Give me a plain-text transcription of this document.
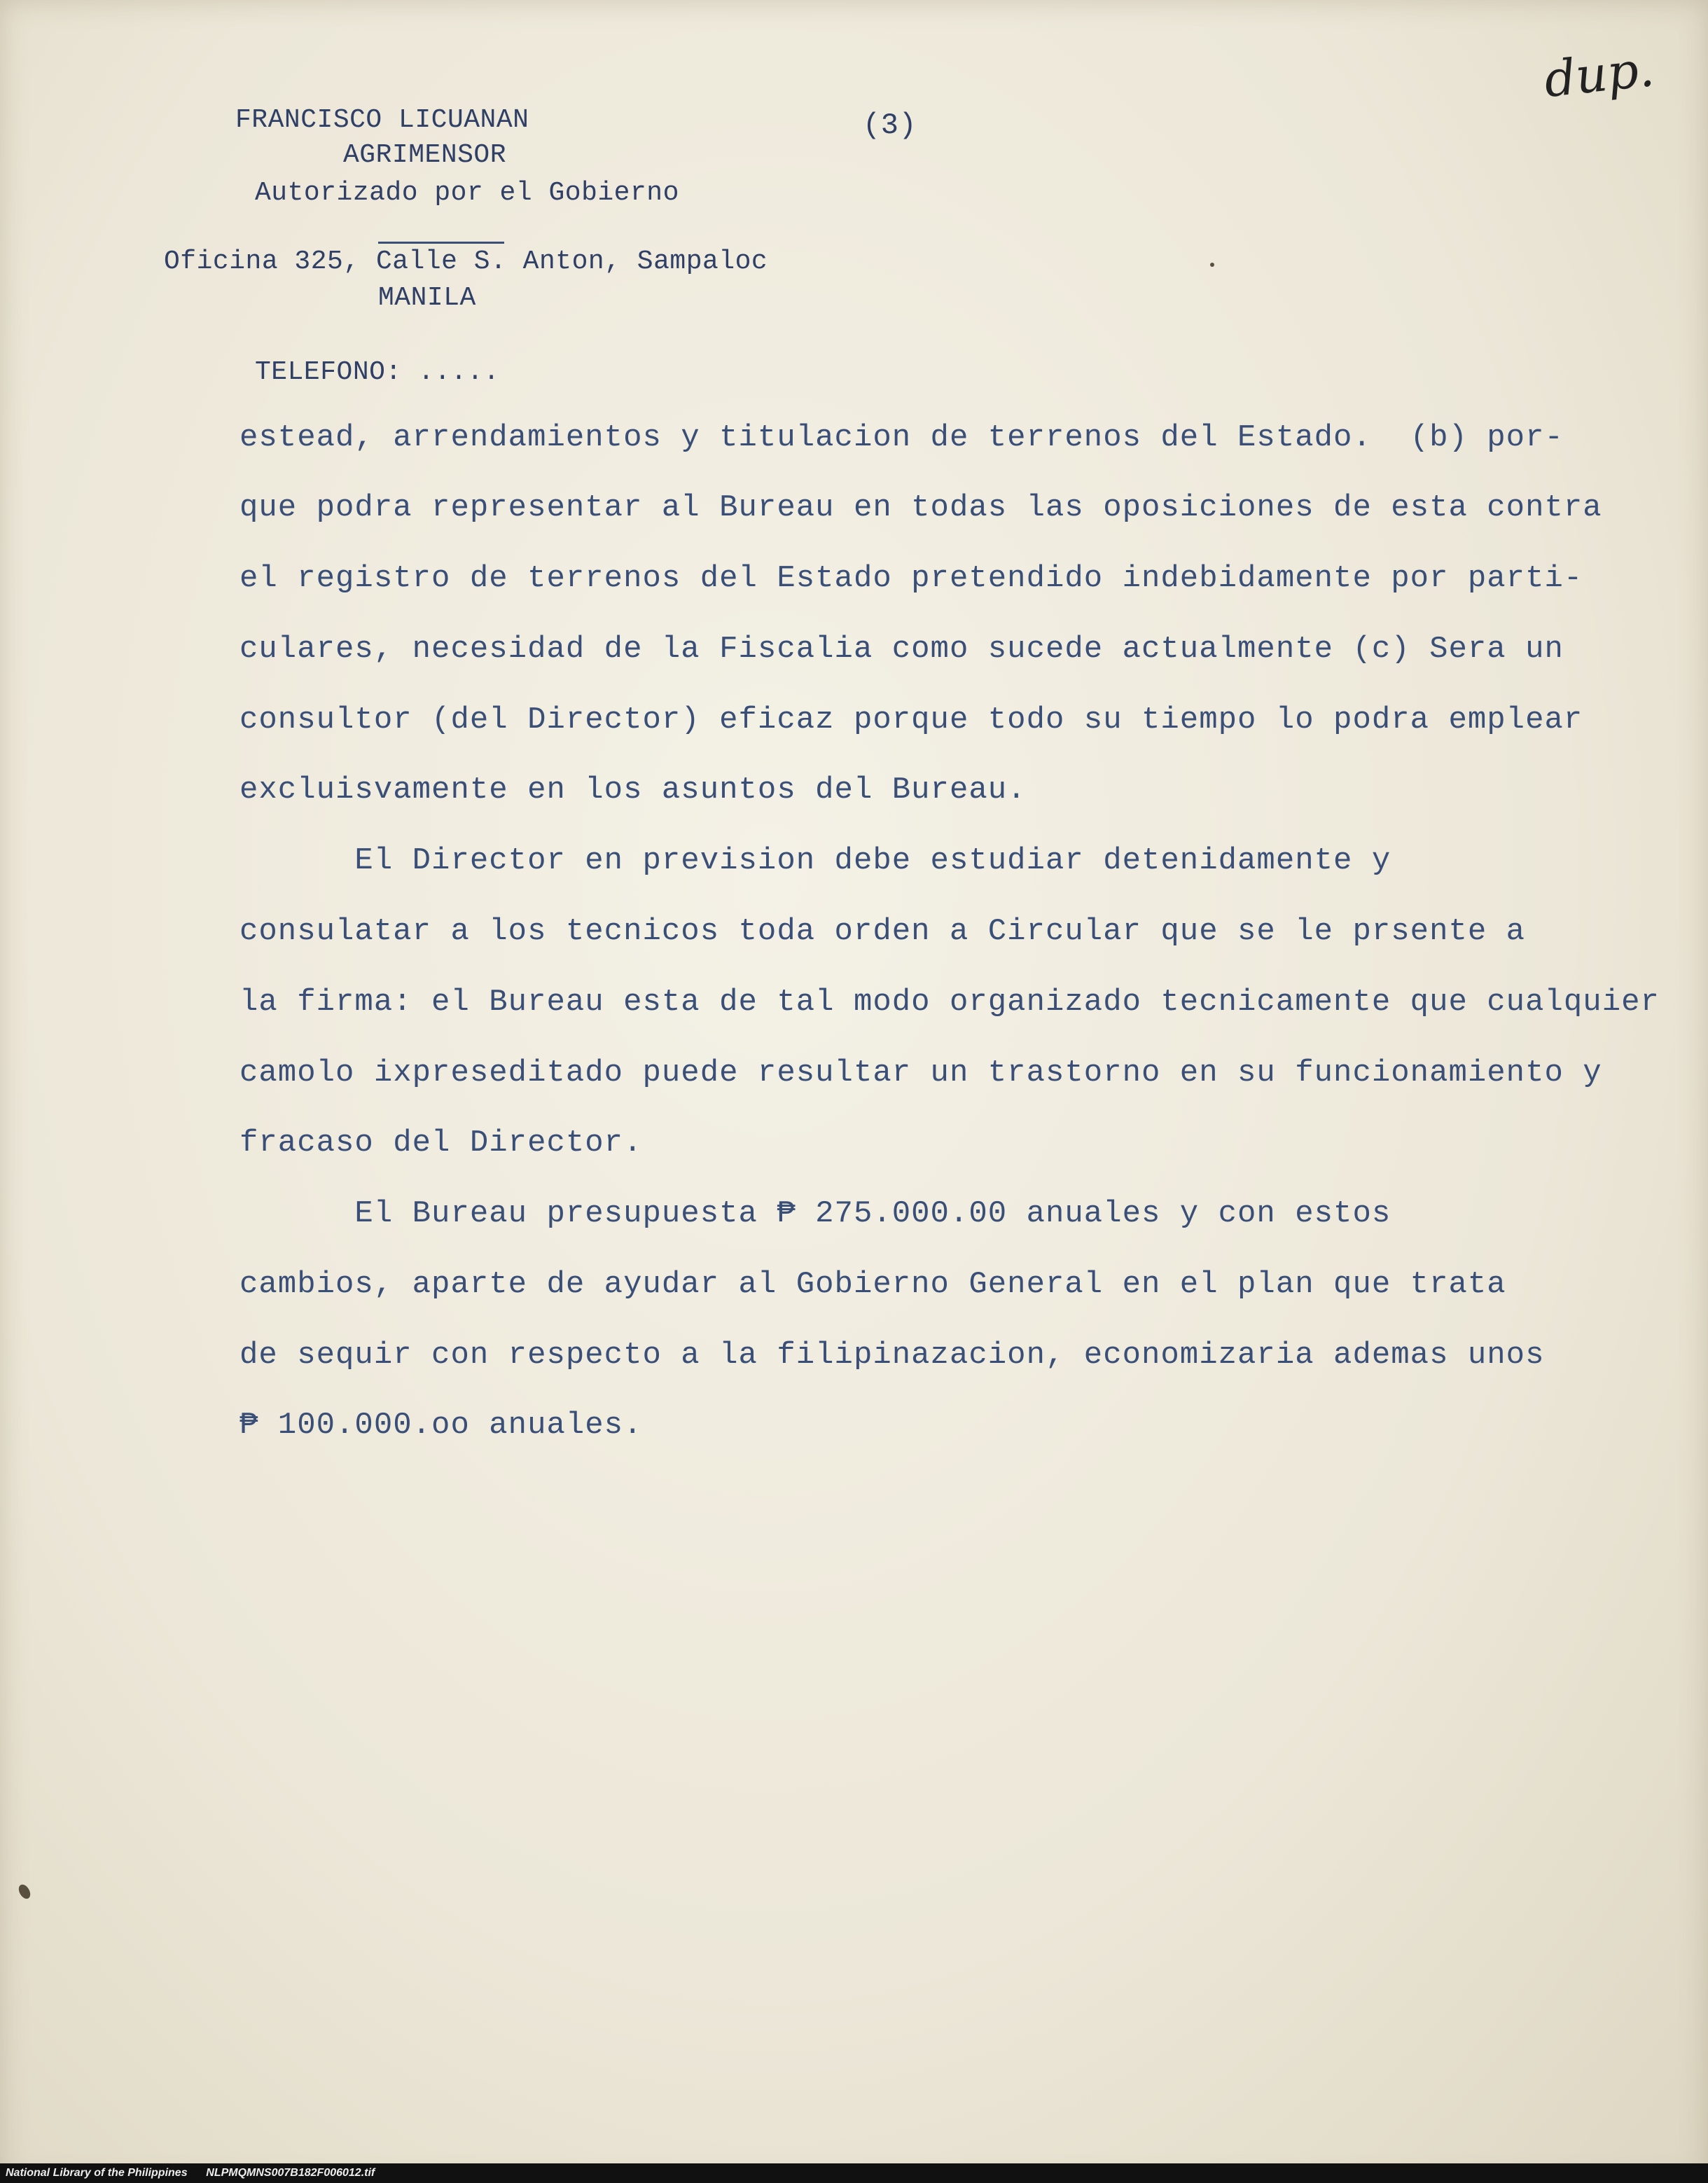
FRANCISCO LICUANAN
AGRIMENSOR
Autorizado por el Gobierno
Oficina 325, Calle S. Anton, Sampaloc
MANILA
TELEFONO: .....
(3)
dup.
estead, arrendamientos y titulacion de terrenos del Estado.  (b) por-
que podra representar al Bureau en todas las oposiciones de esta contra
el registro de terrenos del Estado pretendido indebidamente por parti-
culares, necesidad de la Fiscalia como sucede actualmente (c) Sera un
consultor (del Director) eficaz porque todo su tiempo lo podra emplear
excluisvamente en los asuntos del Bureau.
El Director en prevision debe estudiar detenidamente y
consulatar a los tecnicos toda orden a Circular que se le prsente a
la firma: el Bureau esta de tal modo organizado tecnicamente que cualquier
camolo ixpreseditado puede resultar un trastorno en su funcionamiento y
fracaso del Director.
El Bureau presupuesta ₱ 275.000.00 anuales y con estos
cambios, aparte de ayudar al Gobierno General en el plan que trata
de sequir con respecto a la filipinazacion, economizaria ademas unos
₱ 100.000.oo anuales.
National Library of the Philippines NLPMQMNS007B182F006012.tif
